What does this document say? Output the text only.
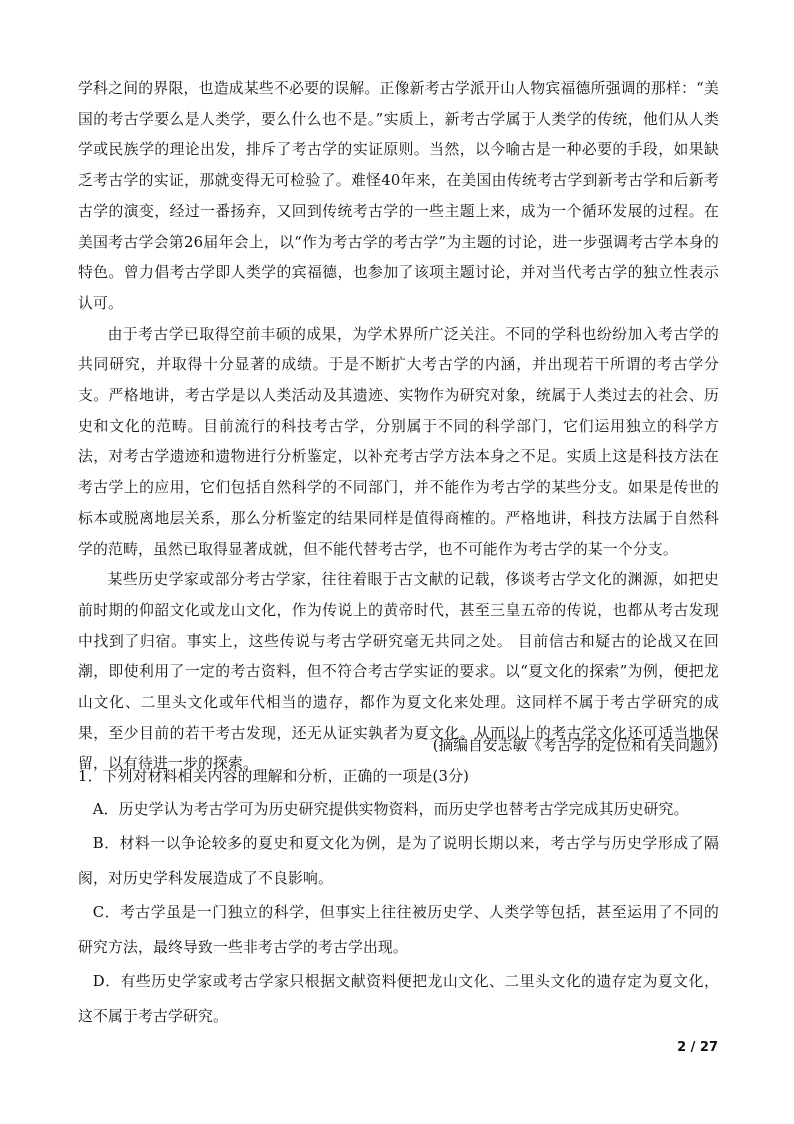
学科之间的界限，也造成某些不必要的误解。正像新考古学派开山人物宾福德所强调的那样：“美国的考古学要么是人类学，要么什么也不是。”实质上，新考古学属于人类学的传统，他们从人类学或民族学的理论出发，排斥了考古学的实证原则。当然，以今喻古是一种必要的手段，如果缺乏考古学的实证，那就变得无可检验了。难怪40年来，在美国由传统考古学到新考古学和后新考古学的演变，经过一番扬弃，又回到传统考古学的一些主题上来，成为一个循环发展的过程。在美国考古学会第26届年会上，以“作为考古学的考古学”为主题的讨论，进一步强调考古学本身的特色。曾力倡考古学即人类学的宾福德，也参加了该项主题讨论，并对当代考古学的独立性表示认可。

由于考古学已取得空前丰硕的成果，为学术界所广泛关注。不同的学科也纷纷加入考古学的共同研究，并取得十分显著的成绩。于是不断扩大考古学的内涵，并出现若干所谓的考古学分支。严格地讲，考古学是以人类活动及其遗迹、实物作为研究对象，统属于人类过去的社会、历史和文化的范畴。目前流行的科技考古学，分别属于不同的科学部门，它们运用独立的科学方法，对考古学遗迹和遗物进行分析鉴定，以补充考古学方法本身之不足。实质上这是科技方法在考古学上的应用，它们包括自然科学的不同部门，并不能作为考古学的某些分支。如果是传世的标本或脱离地层关系，那么分析鉴定的结果同样是值得商榷的。严格地讲，科技方法属于自然科学的范畴，虽然已取得显著成就，但不能代替考古学，也不可能作为考古学的某一个分支。

某些历史学家或部分考古学家，往往着眼于古文献的记载，侈谈考古学文化的渊源，如把史前时期的仰韶文化或龙山文化，作为传说上的黄帝时代，甚至三皇五帝的传说，也都从考古发现中找到了归宿。事实上，这些传说与考古学研究毫无共同之处。 目前信古和疑古的论战又在回潮，即使利用了一定的考古资料，但不符合考古学实证的要求。以“夏文化的探索”为例，便把龙山文化、二里头文化或年代相当的遗存，都作为夏文化来处理。这同样不属于考古学研究的成果，至少目前的若干考古发现，还无从证实孰者为夏文化。从而以上的考古学文化还可适当地保留，以有待进一步的探索。

(摘编自安志敏《考古学的定位和有关问题》)

1．下列对材料相关内容的理解和分析，正确的一项是(3分)

A．历史学认为考古学可为历史研究提供实物资料，而历史学也替考古学完成其历史研究。

B．材料一以争论较多的夏史和夏文化为例，是为了说明长期以来，考古学与历史学形成了隔阂，对历史学科发展造成了不良影响。

C．考古学虽是一门独立的科学，但事实上往往被历史学、人类学等包括，甚至运用了不同的研究方法，最终导致一些非考古学的考古学出现。

D．有些历史学家或考古学家只根据文献资料便把龙山文化、二里头文化的遗存定为夏文化，这不属于考古学研究。

2 / 27
